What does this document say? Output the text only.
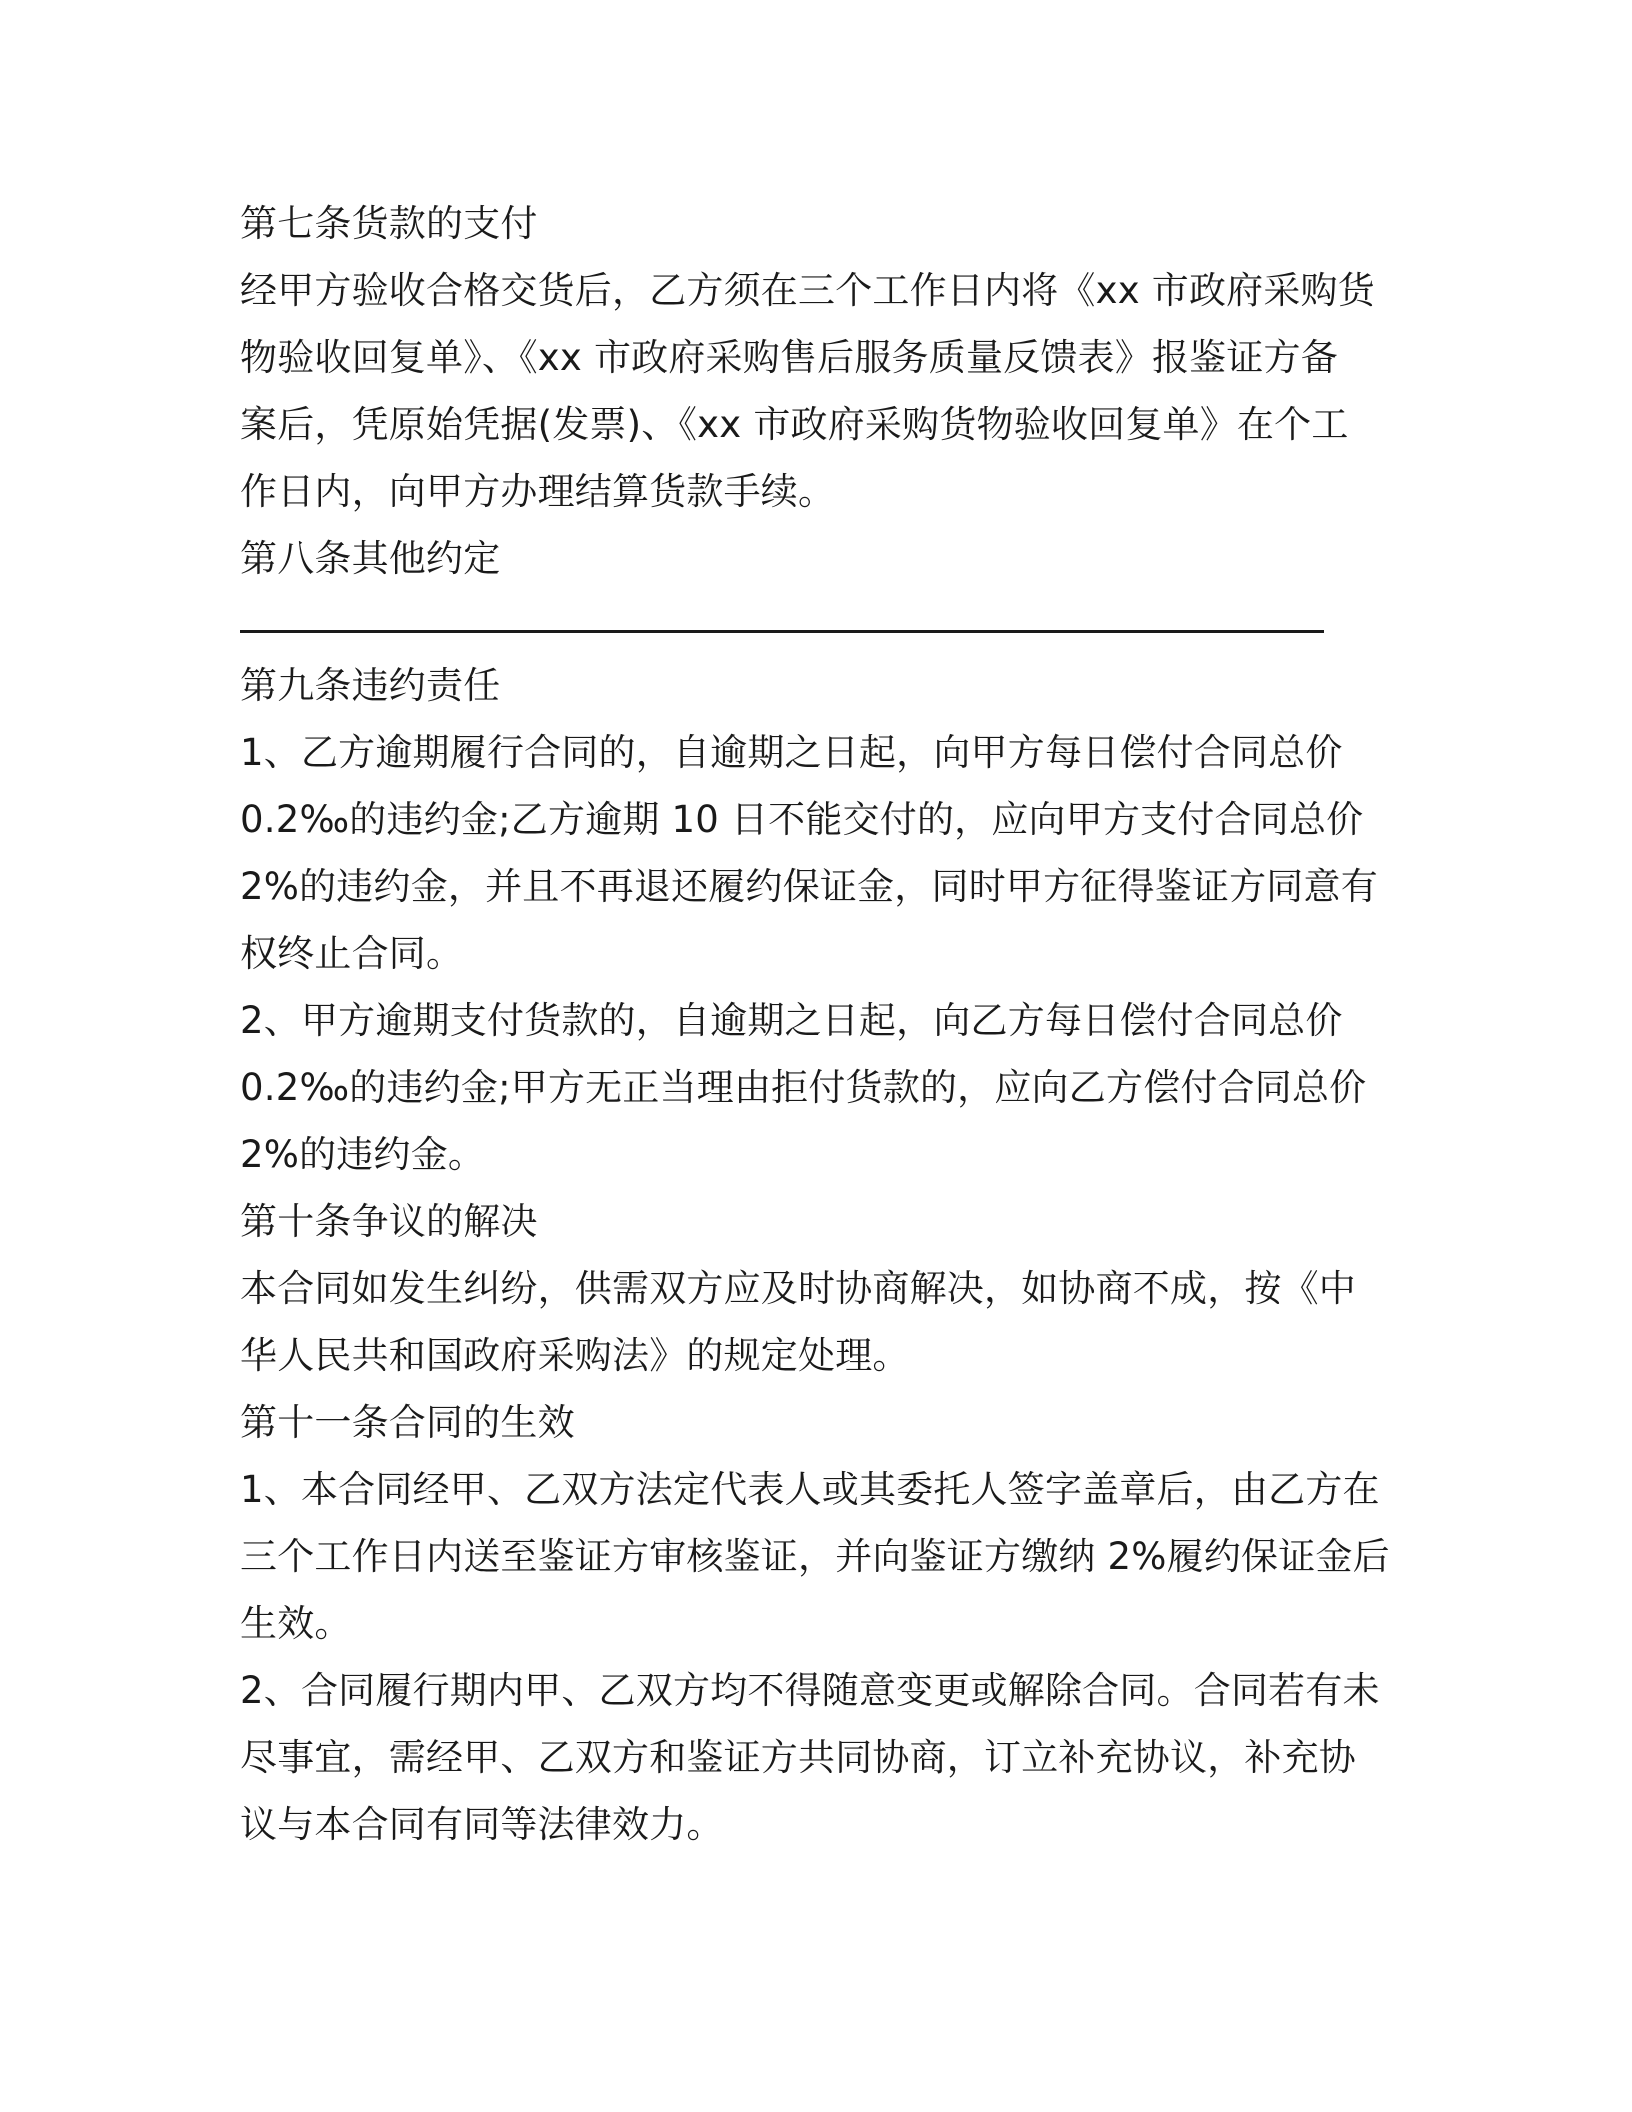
第七条货款的支付
经甲方验收合格交货后，乙方须在三个工作日内将《xx 市政府采购货
物验收回复单》、《xx 市政府采购售后服务质量反馈表》报鉴证方备
案后，凭原始凭据(发票)、《xx 市政府采购货物验收回复单》在个工
作日内，向甲方办理结算货款手续。
第八条其他约定
第九条违约责任
1、乙方逾期履行合同的，自逾期之日起，向甲方每日偿付合同总价
0.2‰的违约金;乙方逾期 10 日不能交付的，应向甲方支付合同总价
2%的违约金，并且不再退还履约保证金，同时甲方征得鉴证方同意有
权终止合同。
2、甲方逾期支付货款的，自逾期之日起，向乙方每日偿付合同总价
0.2‰的违约金;甲方无正当理由拒付货款的，应向乙方偿付合同总价
2%的违约金。
第十条争议的解决
本合同如发生纠纷，供需双方应及时协商解决，如协商不成，按《中
华人民共和国政府采购法》的规定处理。
第十一条合同的生效
1、本合同经甲、乙双方法定代表人或其委托人签字盖章后，由乙方在
三个工作日内送至鉴证方审核鉴证，并向鉴证方缴纳 2%履约保证金后
生效。
2、合同履行期内甲、乙双方均不得随意变更或解除合同。合同若有未
尽事宜，需经甲、乙双方和鉴证方共同协商，订立补充协议，补充协
议与本合同有同等法律效力。
